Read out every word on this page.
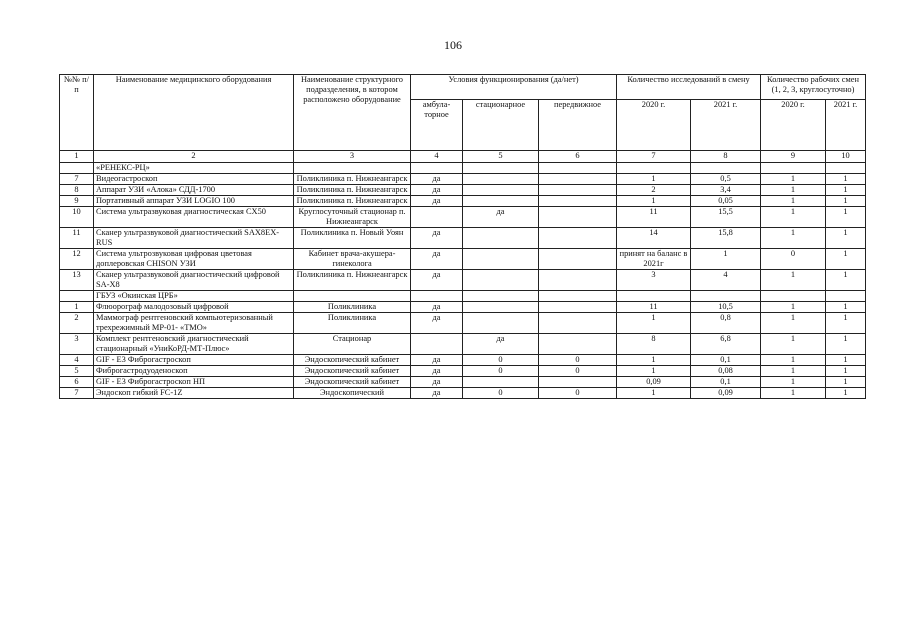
106
№№ п/п	Наименование медицинского оборудования	Наименование структурного подразделения, в котором расположено оборудование	Условия функционирования (да/нет)			Количество исследований в смену		Количество рабочих смен (1, 2, 3, круглосуточно)	
			амбула-торное	стационарное	передвижное	2020 г.	2021 г.	2020 г.	2021 г.
1	2	3	4	5	6	7	8	9	10
	«РЕНЕКС-РЦ»								
7	Видеогастроскоп	Поликлиника п. Нижнеангарск	да			1	0,5	1	1
8	Аппарат УЗИ «Алока» СДД-1700	Поликлиника п. Нижнеангарск	да			2	3,4	1	1
9	Портативный аппарат УЗИ LOGIO 100	Поликлиника п. Нижнеангарск	да			1	0,05	1	1
10	Система ультразвуковая диагностическая CX50	Круглосуточный стационар п. Нижнеангарск		да		11	15,5	1	1
11	Сканер ультразвуковой диагностический SAX8EX-RUS	Поликлиника п. Новый Уоян	да			14	15,8	1	1
12	Система ультрозвуковая цифровая цветовая доплеровская CHISON УЗИ	Кабинет врача-акушера-гинеколога	да			принят на баланс в 2021г	1	0	1
13	Сканер ультразвуковой диагностический цифровой SA-X8	Поликлиника п. Нижнеангарск	да			3	4	1	1
	ГБУЗ «Окинская ЦРБ»								
1	Флюорограф малодозовый цифровой	Поликлиника	да			11	10,5	1	1
2	Маммограф рентгеновский компьютеризованный трехрежимный МР-01- «ТМО»	Поликлиника	да			1	0,8	1	1
3	Комплект рентгеновский диагностический стационарный «УниКоРД-МТ-Плюс»	Стационар		да		8	6,8	1	1
4	GIF - E3 Фиброгастроскоп	Эндоскопический кабинет	да	0	0	1	0,1	1	1
5	Фиброгастродуоденоскоп	Эндоскопический кабинет	да	0	0	1	0,08	1	1
6	GIF - E3 Фиброгастроскоп НП	Эндоскопический кабинет	да			0,09	0,1	1	1
7	Эндоскоп гибкий FC-1Z	Эндоскопический	да	0	0	1	0,09	1	1
